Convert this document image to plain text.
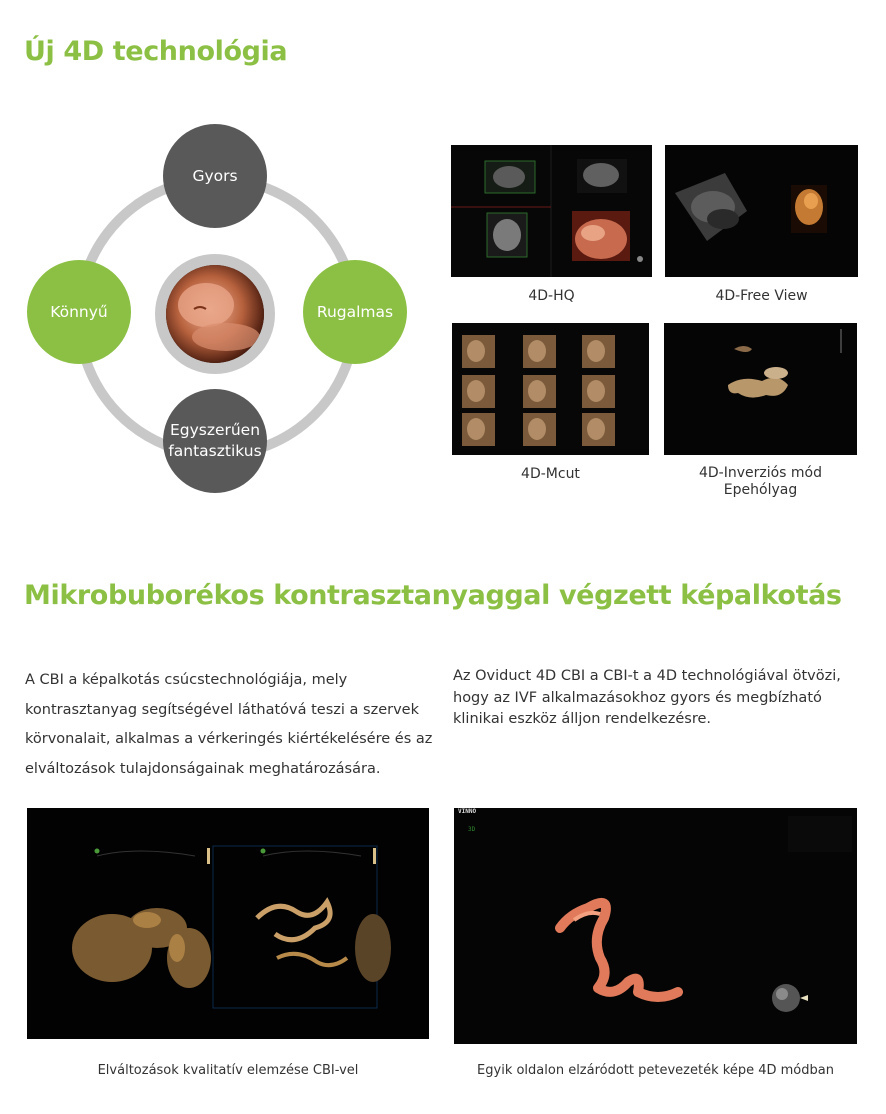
Új 4D technológia
Gyors
Rugalmas
Egyszerűen
fantasztikus
Könnyű
4D-HQ	4D-Free View
4D-Mcut	4D-Inverziós mód
Epehólyag
Mikrobuborékos kontrasztanyaggal végzett képalkotás

A CBI a képalkotás csúcstechnológiája, mely

kontrasztanyag segítségével láthatóvá teszi a szervek

körvonalait, alkalmas a vérkeringés kiértékelésére és az

elváltozások tulajdonságainak meghatározására.

Az Oviduct 4D CBI a CBI-t a 4D technológiával ötvözi,

hogy az IVF alkalmazásokhoz gyors és megbízható

klinikai eszköz álljon rendelkezésre.

VINNO
3D
Elváltozások kvalitatív elemzése CBI-vel	Egyik oldalon elzáródott petevezeték képe 4D módban
